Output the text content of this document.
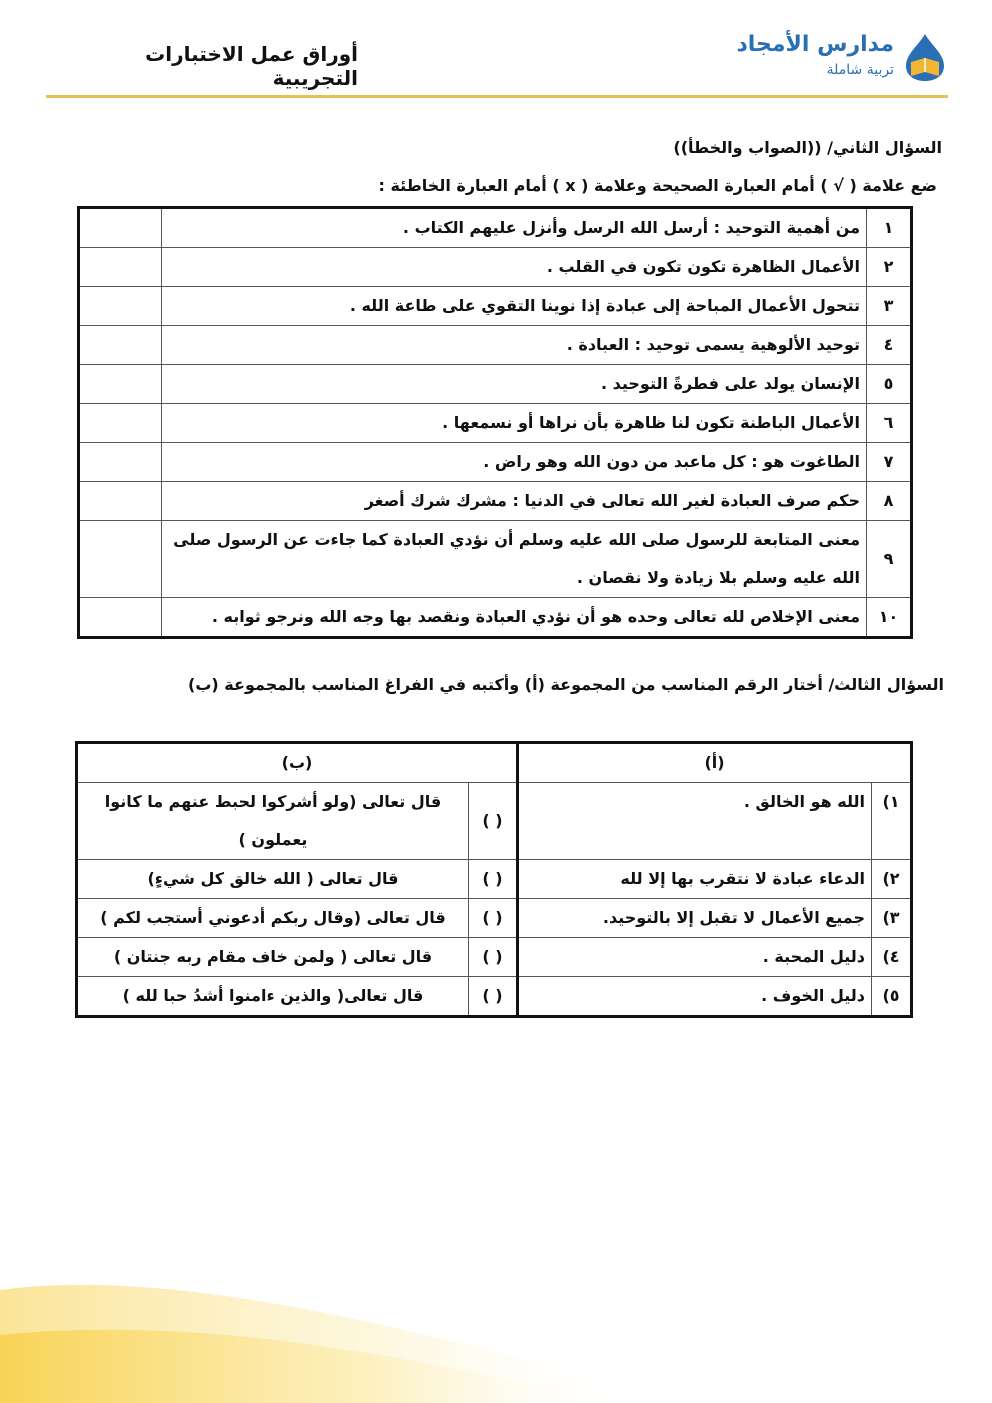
أوراق عمل الاختبارات التجريبية
مدارس الأمجاد
تربية شاملة
السؤال الثاني/ ((الصواب والخطأ))
ضع علامة ( √ ) أمام العبارة الصحيحة وعلامة ( x ) أمام العبارة الخاطئة :
١	من أهمية التوحيد : أرسل الله الرسل وأنزل عليهم الكتاب .	
٢	الأعمال الظاهرة تكون تكون في القلب .	
٣	تتحول الأعمال المباحة إلى عبادة إذا نوينا التقوي على طاعة الله .	
٤	توحيد الألوهية يسمى توحيد : العبادة .	
٥	الإنسان يولد على فطرةً التوحيد .	
٦	الأعمال الباطنة تكون لنا ظاهرة بأن نراها أو نسمعها .	
٧	الطاغوت هو : كل ماعبد من دون الله وهو راض .	
٨	حكم صرف العبادة لغير الله تعالى في الدنيا : مشرك شرك أصغر	
٩	معنى المتابعة للرسول صلى الله عليه وسلم أن نؤدي العبادة كما جاءت عن الرسول صلى الله عليه وسلم بلا زيادة ولا نقصان .	
١٠	معنى الإخلاص لله تعالى وحده هو أن نؤدي العبادة ونقصد بها وجه الله ونرجو ثوابه .	
السؤال الثالث/ أختار الرقم المناسب من المجموعة (أ) وأكتبه في الفراغ المناسب بالمجموعة (ب)
(أ)		(ب)	
١)	الله هو الخالق .	( )	قال تعالى (ولو أشركوا لحبط عنهم ما كانوا يعملون )
٢)	الدعاء عبادة لا نتقرب بها إلا لله	( )	قال تعالى ( الله خالق كل شيءٍ)
٣)	جميع الأعمال لا تقبل إلا بالتوحيد.	( )	قال تعالى (وقال ربكم أدعوني أستجب لكم )
٤)	دليل المحبة .	( )	قال تعالى ( ولمن خاف مقام ربه جنتان )
٥)	دليل الخوف .	( )	قال تعالى( والذين ءامنوا أشدُ حبا لله )
